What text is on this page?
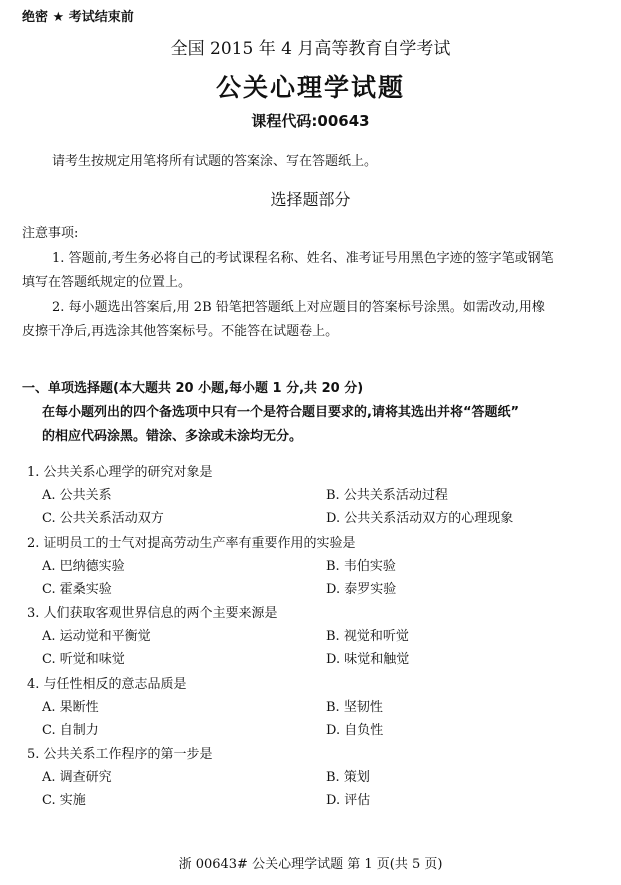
绝密 ★ 考试结束前
全国 2015 年 4 月高等教育自学考试
公关心理学试题
课程代码:00643
请考生按规定用笔将所有试题的答案涂、写在答题纸上。
选择题部分
注意事项:
1. 答题前,考生务必将自己的考试课程名称、姓名、准考证号用黑色字迹的签字笔或钢笔
填写在答题纸规定的位置上。
2. 每小题选出答案后,用 2B 铅笔把答题纸上对应题目的答案标号涂黑。如需改动,用橡
皮擦干净后,再选涂其他答案标号。不能答在试题卷上。
一、单项选择题(本大题共 20 小题,每小题 1 分,共 20 分)
在每小题列出的四个备选项中只有一个是符合题目要求的,请将其选出并将“答题纸”
的相应代码涂黑。错涂、多涂或未涂均无分。
1. 公共关系心理学的研究对象是
A. 公共关系	B. 公共关系活动过程
C. 公共关系活动双方	D. 公共关系活动双方的心理现象
2. 证明员工的士气对提高劳动生产率有重要作用的实验是
A. 巴纳德实验	B. 韦伯实验
C. 霍桑实验	D. 泰罗实验
3. 人们获取客观世界信息的两个主要来源是
A. 运动觉和平衡觉	B. 视觉和听觉
C. 听觉和味觉	D. 味觉和触觉
4. 与任性相反的意志品质是
A. 果断性	B. 坚韧性
C. 自制力	D. 自负性
5. 公共关系工作程序的第一步是
A. 调查研究	B. 策划
C. 实施	D. 评估
浙 00643# 公关心理学试题 第 1 页(共 5 页)
